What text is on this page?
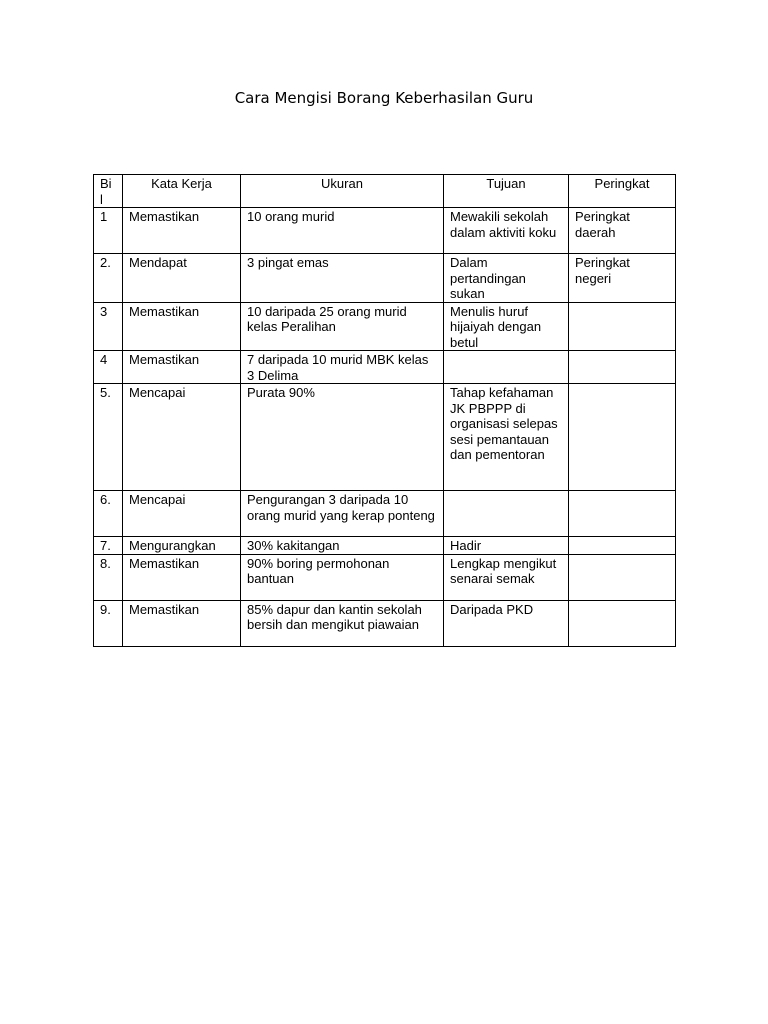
Cara Mengisi Borang Keberhasilan Guru
Bi
l	Kata Kerja	Ukuran	Tujuan	Peringkat
1	Memastikan	10 orang murid	Mewakili sekolah dalam aktiviti koku	Peringkat daerah
2.	Mendapat	3 pingat emas	Dalam pertandingan sukan	Peringkat negeri
3	Memastikan	10 daripada 25 orang murid kelas Peralihan	Menulis huruf hijaiyah dengan betul	
4	Memastikan	7 daripada 10 murid MBK kelas 3 Delima		
5.	Mencapai	Purata 90%	Tahap kefahaman JK PBPPP di organisasi selepas sesi pemantauan dan pementoran	
6.	Mencapai	Pengurangan 3 daripada 10 orang murid yang kerap ponteng		
7.	Mengurangkan	30% kakitangan	Hadir	
8.	Memastikan	90% boring permohonan bantuan	Lengkap mengikut senarai semak	
9.	Memastikan	85% dapur dan kantin sekolah bersih dan mengikut piawaian	Daripada PKD	
